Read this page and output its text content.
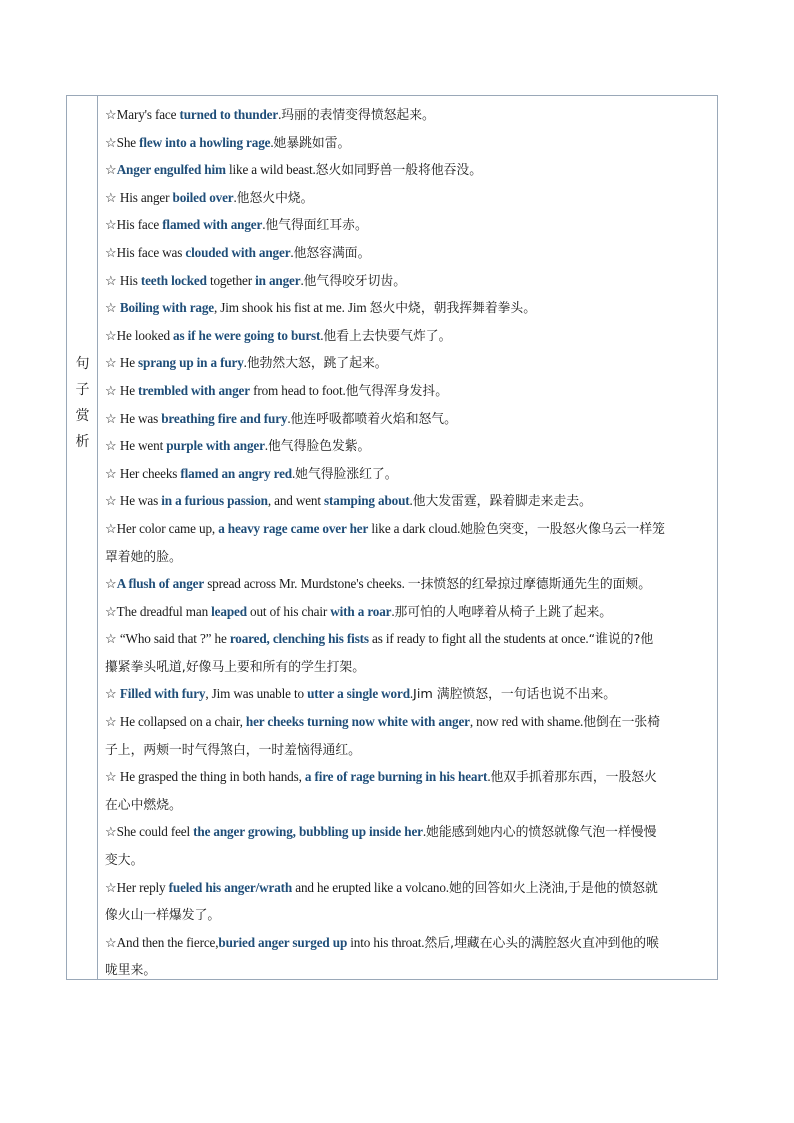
句
子
赏
析
☆Mary's face turned to thunder.玛丽的表情变得愤怒起来。
☆She flew into a howling rage.她暴跳如雷。
☆Anger engulfed him like a wild beast.怒火如同野兽一般将他吞没。
☆ His anger boiled over.他怒火中烧。
☆His face flamed with anger.他气得面红耳赤。
☆His face was clouded with anger.他怒容满面。
☆ His teeth locked together in anger.他气得咬牙切齿。
☆ Boiling with rage, Jim shook his fist at me. Jim 怒火中烧，朝我挥舞着拳头。
☆He looked as if he were going to burst.他看上去快要气炸了。
☆ He sprang up in a fury.他勃然大怒，跳了起来。
☆ He trembled with anger from head to foot.他气得浑身发抖。
☆ He was breathing fire and fury.他连呼吸都喷着火焰和怒气。
☆ He went purple with anger.他气得脸色发紫。
☆ Her cheeks flamed an angry red.她气得脸涨红了。
☆ He was in a furious passion, and went stamping about.他大发雷霆，跺着脚走来走去。
☆Her color came up, a heavy rage came over her like a dark cloud.她脸色突变，一股怒火像乌云一样笼
罩着她的脸。
☆A flush of anger spread across Mr. Murdstone's cheeks. 一抹愤怒的红晕掠过摩德斯通先生的面颊。
☆The dreadful man leaped out of his chair with a roar.那可怕的人咆哮着从椅子上跳了起来。
☆ “Who said that ?” he roared, clenching his fists as if ready to fight all the students at once.“谁说的?他
攥紧拳头吼道,好像马上要和所有的学生打架。
☆ Filled with fury, Jim was unable to utter a single word.Jim 满腔愤怒，一句话也说不出来。
☆ He collapsed on a chair, her cheeks turning now white with anger, now red with shame.他倒在一张椅
子上，两颊一时气得煞白，一时羞恼得通红。
☆ He grasped the thing in both hands, a fire of rage burning in his heart.他双手抓着那东西，一股怒火
在心中燃烧。
☆She could feel the anger growing, bubbling up inside her.她能感到她内心的愤怒就像气泡一样慢慢
变大。
☆Her reply fueled his anger/wrath and he erupted like a volcano.她的回答如火上浇油,于是他的愤怒就
像火山一样爆发了。
☆And then the fierce,buried anger surged up into his throat.然后,埋藏在心头的满腔怒火直冲到他的喉
咙里来。
